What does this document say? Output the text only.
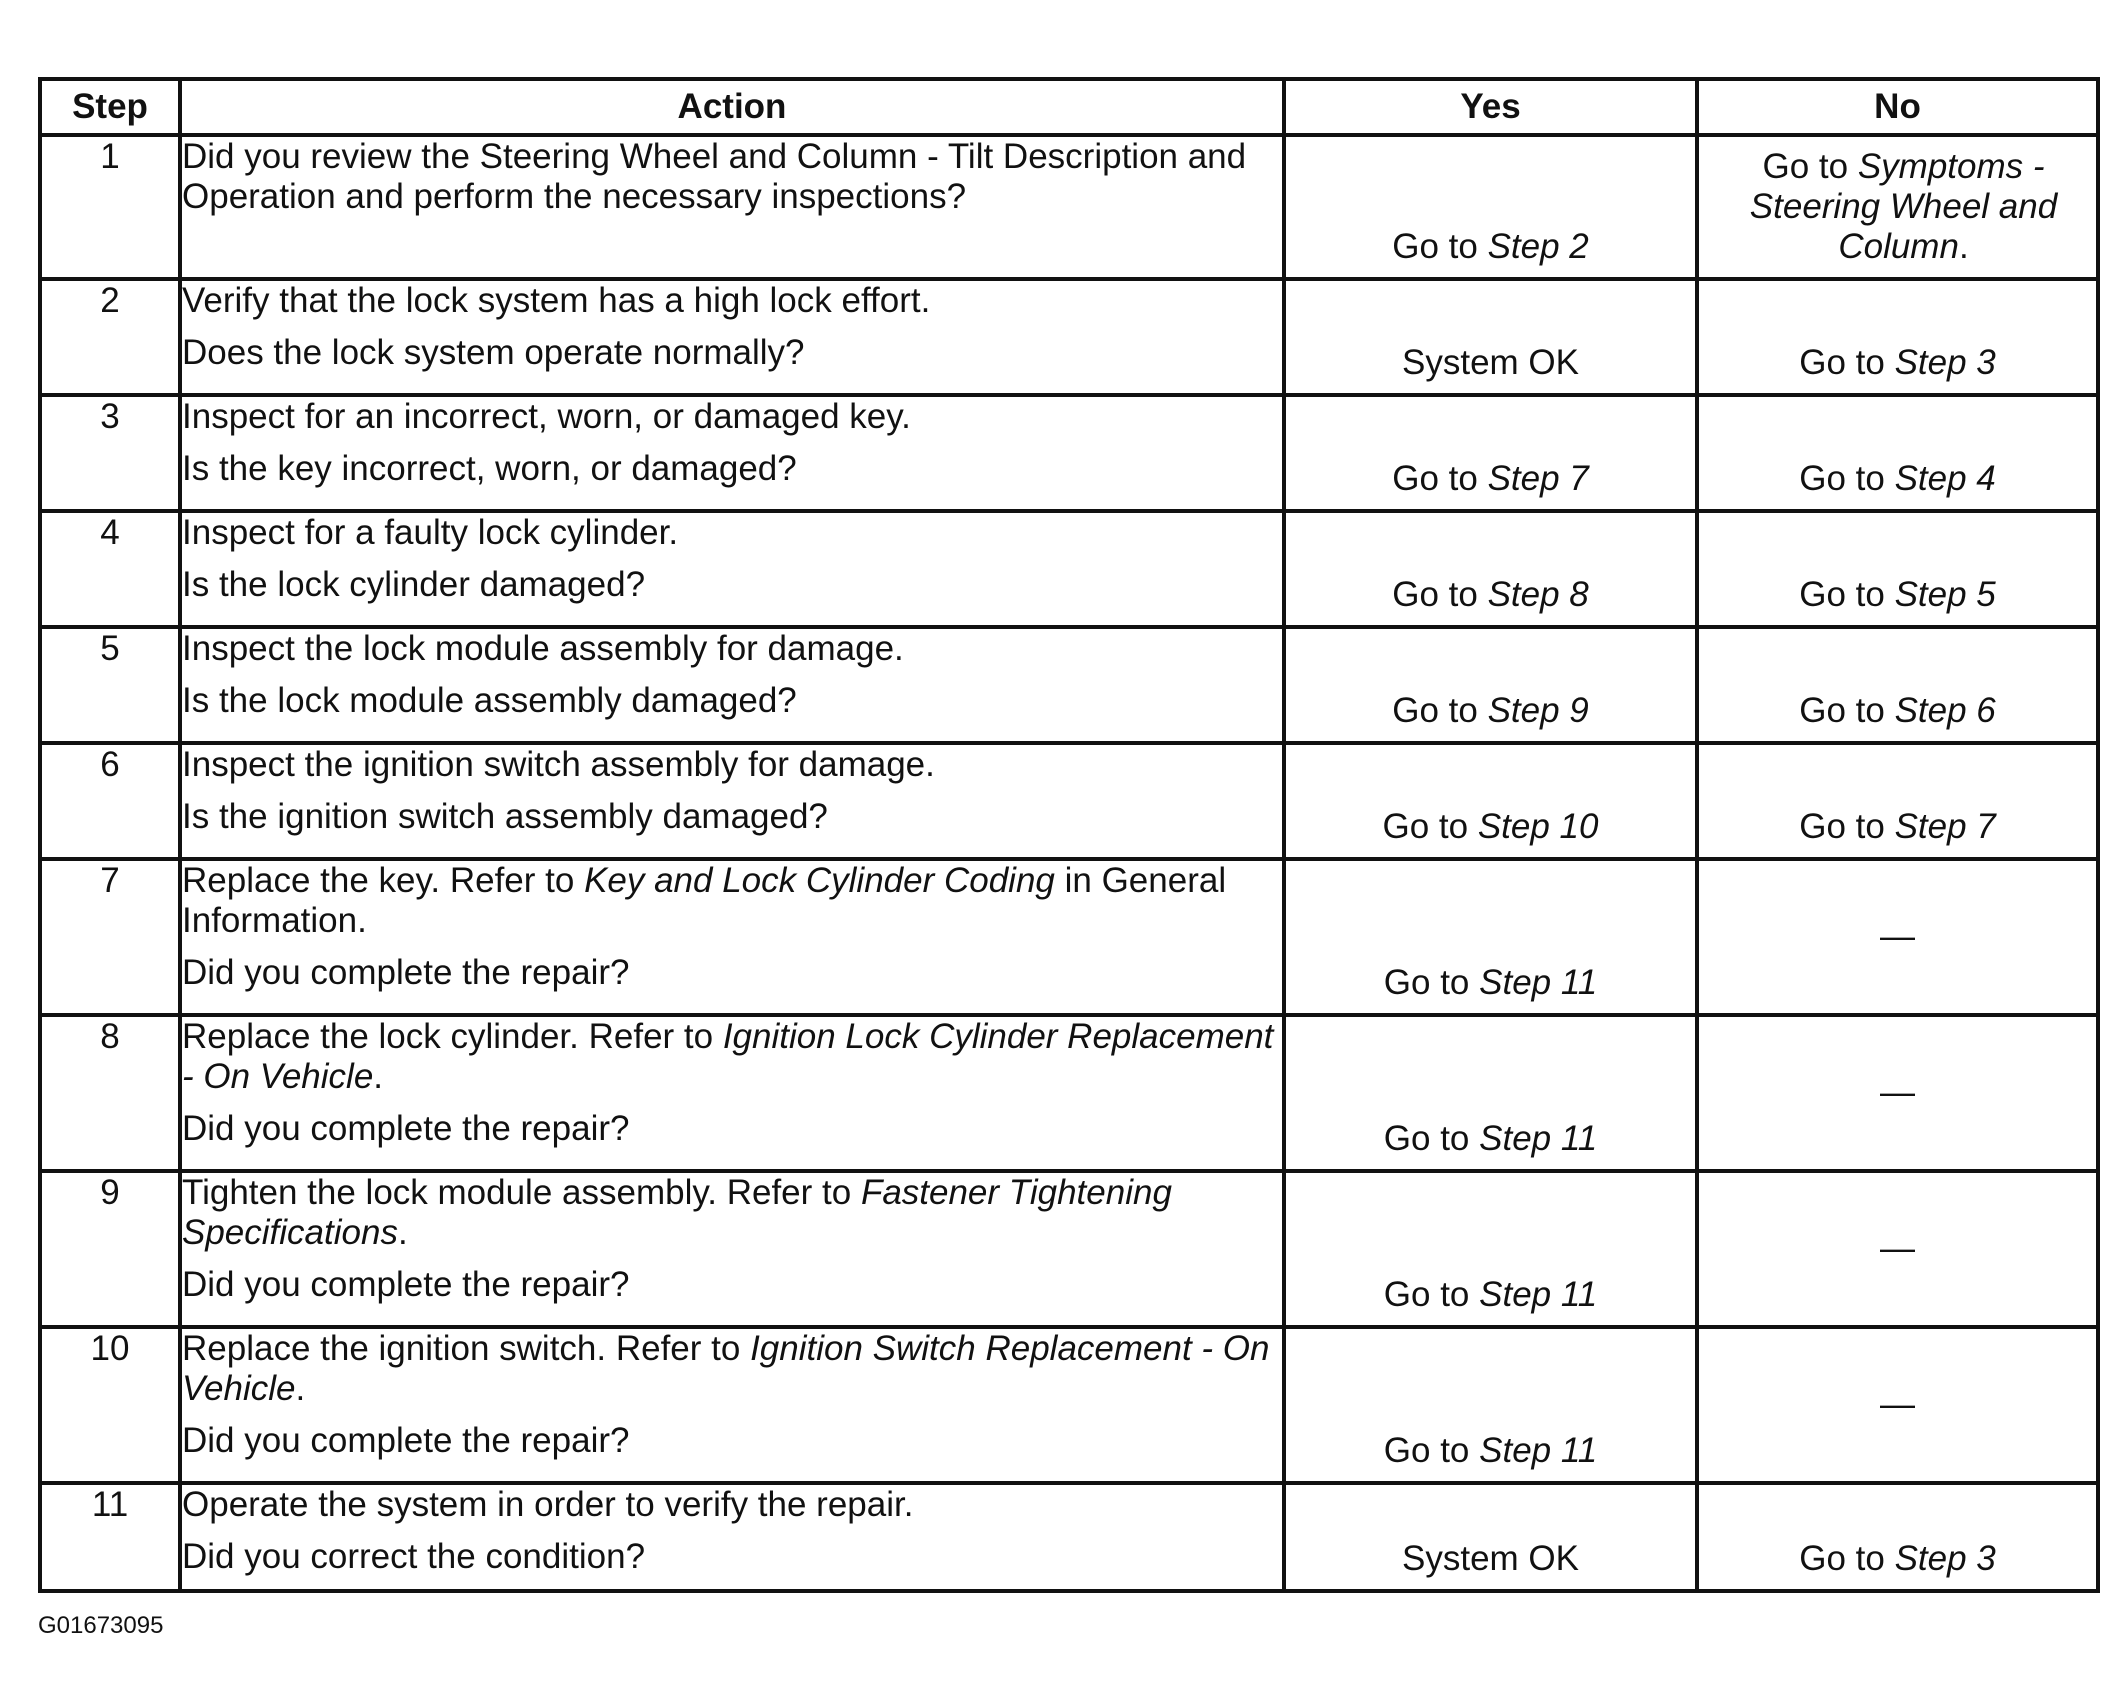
Step	Action	Yes	No
1	Did you review the Steering Wheel and Column - Tilt Description and Operation and perform the necessary inspections?	Go to Step 2	Go to Symptoms - Steering Wheel and Column.

2	Verify that the lock system has a high lock effort.
Does the lock system operate normally?	System OK	Go to Step 3

3	Inspect for an incorrect, worn, or damaged key.
Is the key incorrect, worn, or damaged?	Go to Step 7	Go to Step 4

4	Inspect for a faulty lock cylinder.
Is the lock cylinder damaged?	Go to Step 8	Go to Step 5

5	Inspect the lock module assembly for damage.
Is the lock module assembly damaged?	Go to Step 9	Go to Step 6

6	Inspect the ignition switch assembly for damage.
Is the ignition switch assembly damaged?	Go to Step 10	Go to Step 7

7	Replace the key. Refer to Key and Lock Cylinder Coding in General Information.
Did you complete the repair?	Go to Step 11	—

8	Replace the lock cylinder. Refer to Ignition Lock Cylinder Replacement - On Vehicle.
Did you complete the repair?	Go to Step 11	—

9	Tighten the lock module assembly. Refer to Fastener Tightening Specifications.
Did you complete the repair?	Go to Step 11	—

10	Replace the ignition switch. Refer to Ignition Switch Replacement - On Vehicle.
Did you complete the repair?	Go to Step 11	—

11	Operate the system in order to verify the repair.
Did you correct the condition?	System OK	Go to Step 3
G01673095
